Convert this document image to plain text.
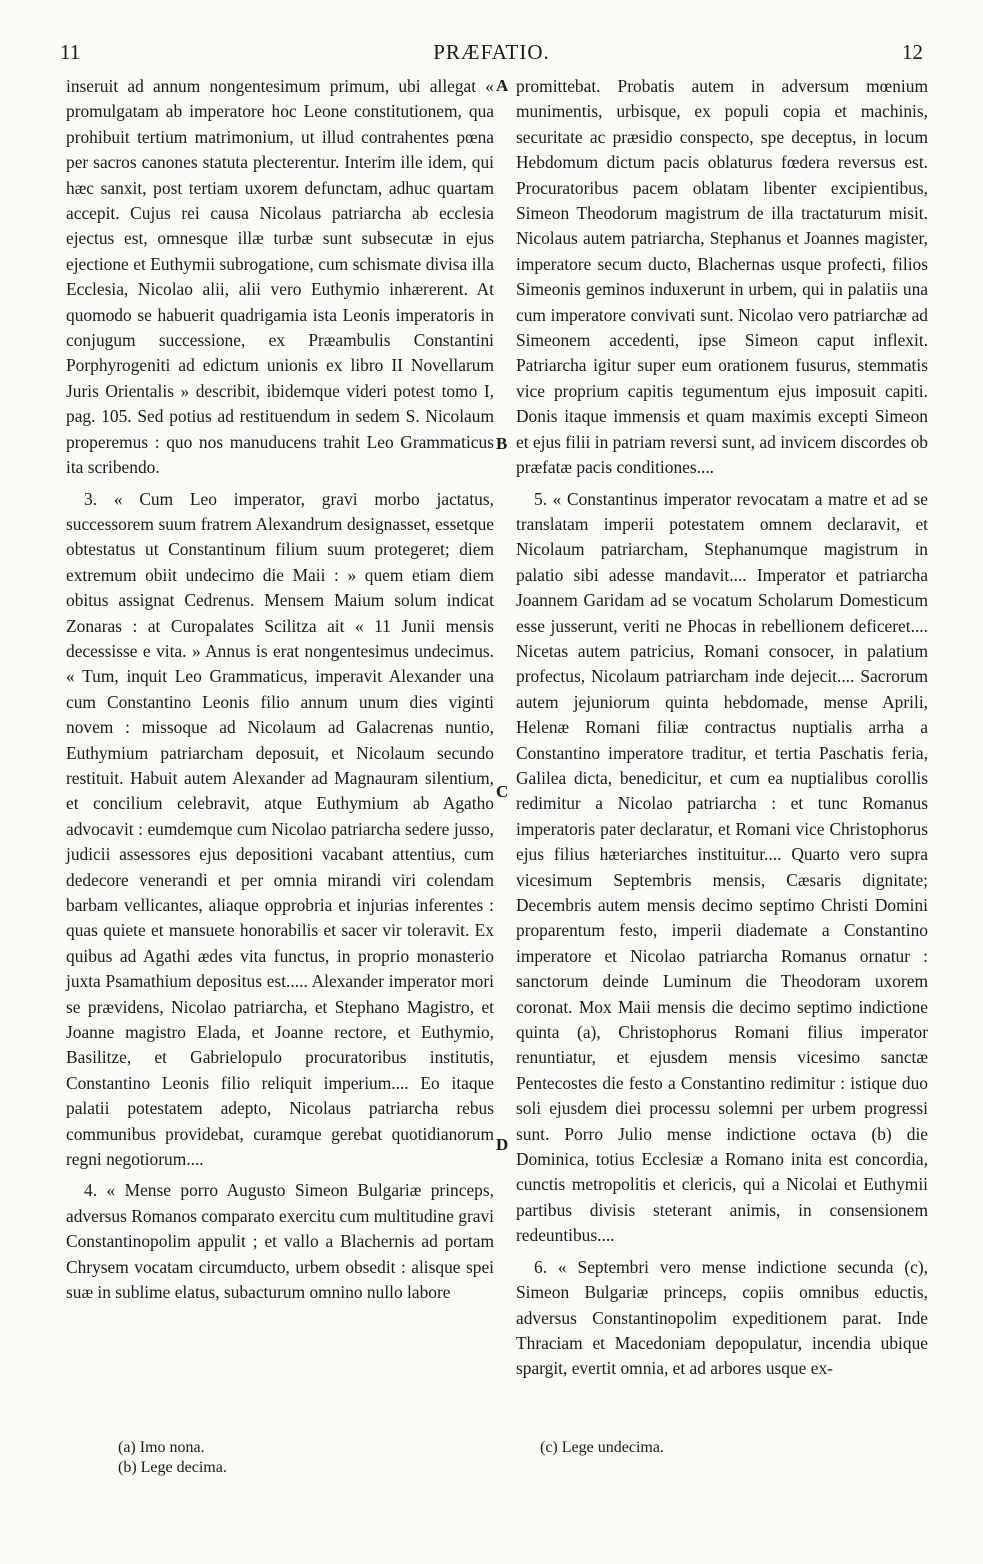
11	PRÆFATIO.	12

inseruit ad annum nongentesimum primum, ubi allegat « promulgatam ab imperatore hoc Leone constitutionem, qua prohibuit tertium matrimonium, ut illud contrahentes pœna per sacros canones statuta plecterentur. Interim ille idem, qui hæc sanxit, post tertiam uxorem defunctam, adhuc quartam accepit. Cujus rei causa Nicolaus patriarcha ab ecclesia ejectus est, omnesque illæ turbæ sunt subsecutæ in ejus ejectione et Euthymii subrogatione, cum schismate divisa illa Ecclesia, Nicolao alii, alii vero Euthymio inhærerent. At quomodo se habuerit quadrigamia ista Leonis imperatoris in conjugum successione, ex Præambulis Constantini Porphyrogeniti ad edictum unionis ex libro II Novellarum Juris Orientalis » describit, ibidemque videri potest tomo I, pag. 105. Sed potius ad restituendum in sedem S. Nicolaum properemus : quo nos manuducens trahit Leo Grammaticus ita scribendo.

3. « Cum Leo imperator, gravi morbo jactatus, successorem suum fratrem Alexandrum designasset, essetque obtestatus ut Constantinum filium suum protegeret; diem extremum obiit undecimo die Maii : » quem etiam diem obitus assignat Cedrenus. Mensem Maium solum indicat Zonaras : at Curopalates Scilitza ait « 11 Junii mensis decessisse e vita. » Annus is erat nongentesimus undecimus. « Tum, inquit Leo Grammaticus, imperavit Alexander una cum Constantino Leonis filio annum unum dies viginti novem : missoque ad Nicolaum ad Galacrenas nuntio, Euthymium patriarcham deposuit, et Nicolaum secundo restituit. Habuit autem Alexander ad Magnauram silentium, et concilium celebravit, atque Euthymium ab Agatho advocavit : eumdemque cum Nicolao patriarcha sedere jusso, judicii assessores ejus depositioni vacabant attentius, cum dedecore venerandi et per omnia mirandi viri colendam barbam vellicantes, aliaque opprobria et injurias inferentes : quas quiete et mansuete honorabilis et sacer vir toleravit. Ex quibus ad Agathi ædes vita functus, in proprio monasterio juxta Psamathium depositus est..... Alexander imperator mori se prævidens, Nicolao patriarcha, et Stephano Magistro, et Joanne magistro Elada, et Joanne rectore, et Euthymio, Basilitze, et Gabrielopulo procuratoribus institutis, Constantino Leonis filio reliquit imperium.... Eo itaque palatii potestatem adepto, Nicolaus patriarcha rebus communibus providebat, curamque gerebat quotidianorum regni negotiorum....

4. « Mense porro Augusto Simeon Bulgariæ princeps, adversus Romanos comparato exercitu cum multitudine gravi Constantinopolim appulit ; et vallo a Blachernis ad portam Chrysem vocatam circumducto, urbem obsedit : alisque spei suæ in sublime elatus, subacturum omnino nullo labore

A
B
C
D

promittebat. Probatis autem in adversum mœnium munimentis, urbisque, ex populi copia et machinis, securitate ac præsidio conspecto, spe deceptus, in locum Hebdomum dictum pacis oblaturus fœdera reversus est. Procuratoribus pacem oblatam libenter excipientibus, Simeon Theodorum magistrum de illa tractaturum misit. Nicolaus autem patriarcha, Stephanus et Joannes magister, imperatore secum ducto, Blachernas usque profecti, filios Simeonis geminos induxerunt in urbem, qui in palatiis una cum imperatore convivati sunt. Nicolao vero patriarchæ ad Simeonem accedenti, ipse Simeon caput inflexit. Patriarcha igitur super eum orationem fusurus, stemmatis vice proprium capitis tegumentum ejus imposuit capiti. Donis itaque immensis et quam maximis excepti Simeon et ejus filii in patriam reversi sunt, ad invicem discordes ob præfatæ pacis conditiones....

5. « Constantinus imperator revocatam a matre et ad se translatam imperii potestatem omnem declaravit, et Nicolaum patriarcham, Stephanumque magistrum in palatio sibi adesse mandavit.... Imperator et patriarcha Joannem Garidam ad se vocatum Scholarum Domesticum esse jusserunt, veriti ne Phocas in rebellionem deficeret.... Nicetas autem patricius, Romani consocer, in palatium profectus, Nicolaum patriarcham inde dejecit.... Sacrorum autem jejuniorum quinta hebdomade, mense Aprili, Helenæ Romani filiæ contractus nuptialis arrha a Constantino imperatore traditur, et tertia Paschatis feria, Galilea dicta, benedicitur, et cum ea nuptialibus corollis redimitur a Nicolao patriarcha : et tunc Romanus imperatoris pater declaratur, et Romani vice Christophorus ejus filius hæteriarches instituitur.... Quarto vero supra vicesimum Septembris mensis, Cæsaris dignitate; Decembris autem mensis decimo septimo Christi Domini proparentum festo, imperii diademate a Constantino imperatore et Nicolao patriarcha Romanus ornatur : sanctorum deinde Luminum die Theodoram uxorem coronat. Mox Maii mensis die decimo septimo indictione quinta (a), Christophorus Romani filius imperator renuntiatur, et ejusdem mensis vicesimo sanctæ Pentecostes die festo a Constantino redimitur : istique duo soli ejusdem diei processu solemni per urbem progressi sunt. Porro Julio mense indictione octava (b) die Dominica, totius Ecclesiæ a Romano inita est concordia, cunctis metropolitis et clericis, qui a Nicolai et Euthymii partibus divisis steterant animis, in consensionem redeuntibus....

6. « Septembri vero mense indictione secunda (c), Simeon Bulgariæ princeps, copiis omnibus eductis, adversus Constantinopolim expeditionem parat. Inde Thraciam et Macedoniam depopulatur, incendia ubique spargit, evertit omnia, et ad arbores usque ex-

(a) Imo nona.
(b) Lege decima.
(c) Lege undecima.
